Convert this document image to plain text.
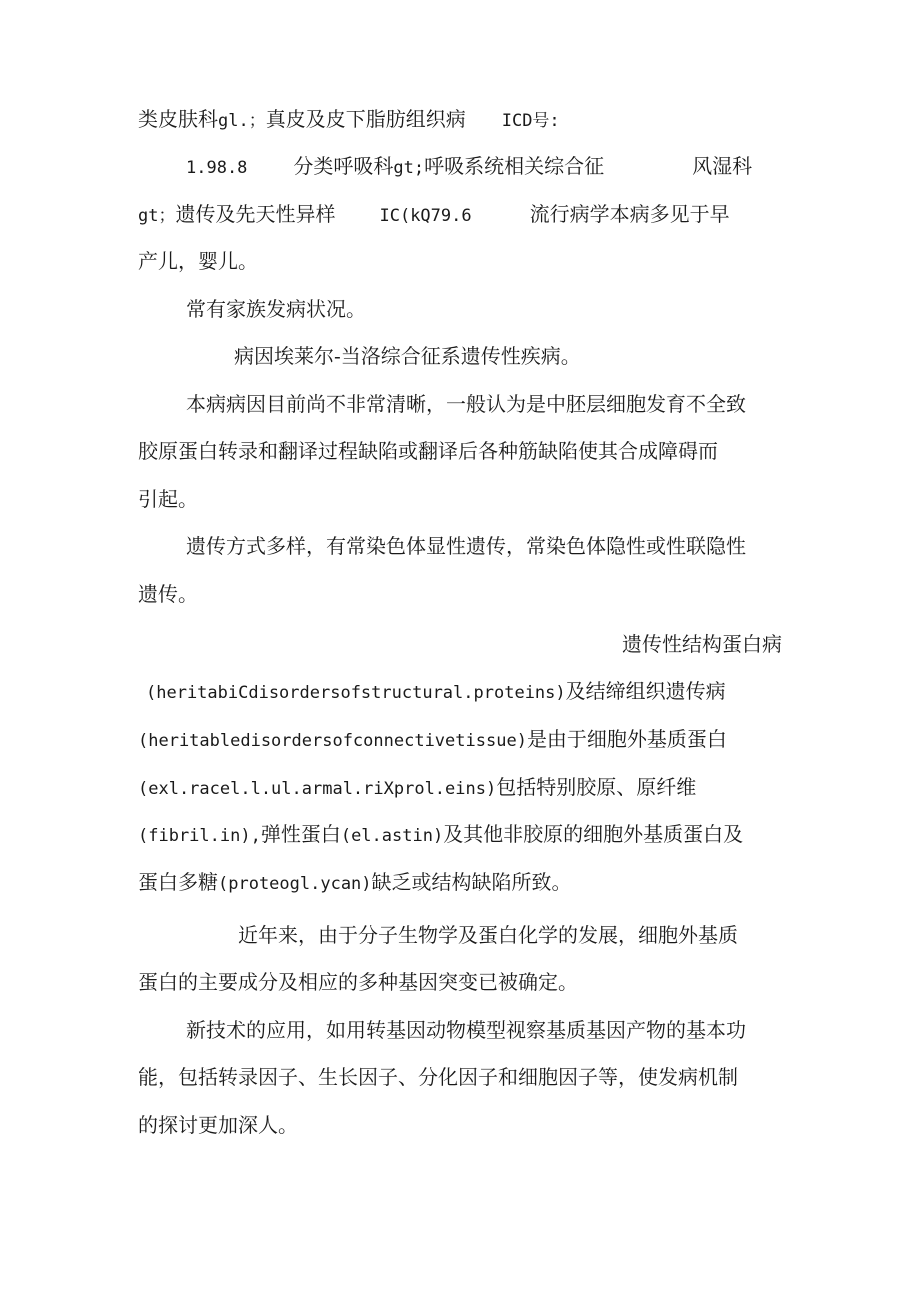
类皮肤科gl.；真皮及皮下脂肪组织病 ICD号:
1.98.8 分类呼吸科gt;呼吸系统相关综合征	风湿科
gt；遗传及先天性异样	IC(kQ79.6	流行病学本病多见于早
产儿，婴儿。
常有家族发病状况。
病因埃莱尔-当洛综合征系遗传性疾病。
本病病因目前尚不非常清晰，一般认为是中胚层细胞发育不全致
胶原蛋白转录和翻译过程缺陷或翻译后各种筋缺陷使其合成障碍而
引起。
遗传方式多样，有常染色体显性遗传，常染色体隐性或性联隐性
遗传。
遗传性结构蛋白病
(heritabiCdisordersofstructural.proteins)及结缔组织遗传病
(heritabledisordersofconnectivetissue)是由于细胞外基质蛋白
(exl.racel.l.ul.armal.riXprol.eins)包括特别胶原、原纤维
(fibril.in),弹性蛋白(el.astin)及其他非胶原的细胞外基质蛋白及
蛋白多糖(proteogl.ycan)缺乏或结构缺陷所致。
近年来，由于分子生物学及蛋白化学的发展，细胞外基质
蛋白的主要成分及相应的多种基因突变已被确定。
新技术的应用，如用转基因动物模型视察基质基因产物的基本功
能，包括转录因子、生长因子、分化因子和细胞因子等，使发病机制
的探讨更加深人。
